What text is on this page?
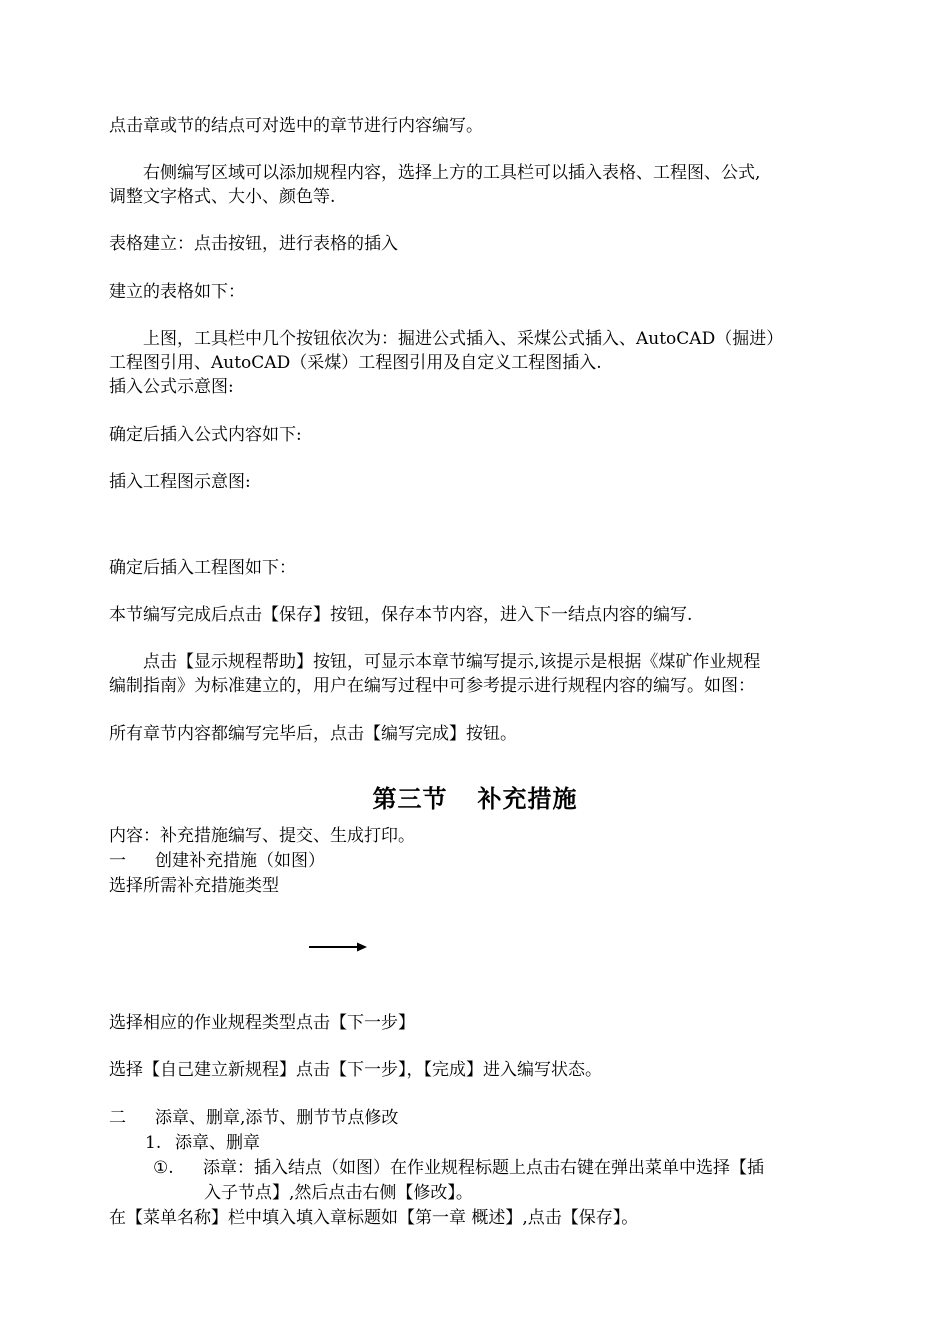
点击章或节的结点可对选中的章节进行内容编写。
右侧编写区域可以添加规程内容，选择上方的工具栏可以插入表格、工程图、公式,
调整文字格式、大小、颜色等.
表格建立：点击按钮，进行表格的插入
建立的表格如下：
上图，工具栏中几个按钮依次为：掘进公式插入、采煤公式插入、AutoCAD（掘进）
工程图引用、AutoCAD（采煤）工程图引用及自定义工程图插入.
插入公式示意图:
确定后插入公式内容如下:
插入工程图示意图:
确定后插入工程图如下：
本节编写完成后点击【保存】按钮，保存本节内容，进入下一结点内容的编写.
点击【显示规程帮助】按钮，可显示本章节编写提示,该提示是根据《煤矿作业规程
编制指南》为标准建立的，用户在编写过程中可参考提示进行规程内容的编写。如图：
所有章节内容都编写完毕后，点击【编写完成】按钮。
第三节 补充措施
内容：补充措施编写、提交、生成打印。
一 创建补充措施（如图）
选择所需补充措施类型
选择相应的作业规程类型点击【下一步】
选择【自己建立新规程】点击【下一步】，【完成】进入编写状态。
二 添章、删章,添节、删节节点修改
1. 添章、删章
①. 添章：插入结点（如图）在作业规程标题上点击右键在弹出菜单中选择【插
入子节点】,然后点击右侧【修改】。
在【菜单名称】栏中填入填入章标题如【第一章 概述】,点击【保存】。
